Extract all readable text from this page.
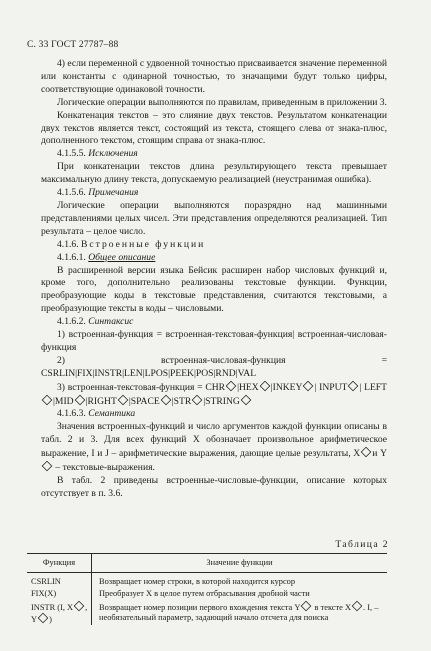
С. 33 ГОСТ 27787–88

4) если переменной с удвоенной точностью присваивается значение переменной или константы с одинарной точностью, то значащими будут только цифры, соответствующие одинаковой точности.

Логические операции выполняются по правилам, приведенным в приложении 3.

Конкатенация текстов – это слияние двух текстов. Результатом конкатенации двух текстов является текст, состоящий из текста, стоящего слева от знака-плюс, дополненного текстом, стоящим справа от знака-плюс.

4.1.5.5. Исключения

При конкатенации текстов длина результирующего текста превышает максимальную длину текста, допускаемую реализацией (неустранимая ошибка).

4.1.5.6. Примечания

Логические операции выполняются поразрядно над машинными представлениями целых чисел. Эти представления определяются реализацией. Тип результата – целое число.

4.1.6. Встроенные функции

4.1.6.1. Общее описание

В расширенной версии языка Бейсик расширен набор числовых функций и, кроме того, дополнительно реализованы текстовые функции. Функции, преобразующие коды в текстовые представления, считаются текстовыми, а преобразующие тексты в коды – числовыми.

4.1.6.2. Синтаксис

1) встроенная-функция = встроенная-текстовая-функция| встроенная-числовая-функция

2) встроенная-числовая-функция = CSRLIN|FIX|INSTR|LEN|LPOS|PEEK|POS|RND|VAL

3) встроенная-текстовая-функция = CHR |HEX |INKEY | INPUT | LEFT|MID |RIGHT |SPACE |STR |STRING

4.1.6.3. Семантика

Значения встроенных-функций и число аргументов каждой функции описаны в табл. 2 и 3. Для всех функций X обозначает произвольное арифметическое выражение, I и J – арифметические выражения, дающие целые результаты, X и Y – текстовые-выражения.

В табл. 2 приведены встроенные-числовые-функции, описание которых отсутствует в п. 3.6.

Таблица 2
Функция	Значение функции
CSRLIN	Возвращает номер строки, в которой находится курсор
FIX(X)	Преобразует X в целое путем отбрасывания дробной части
INSTR (I, X , Y )	Возвращает номер позиции первого вхождения текста Y в тексте X . I, – необязательный параметр, задающий начало отсчета для поиска
